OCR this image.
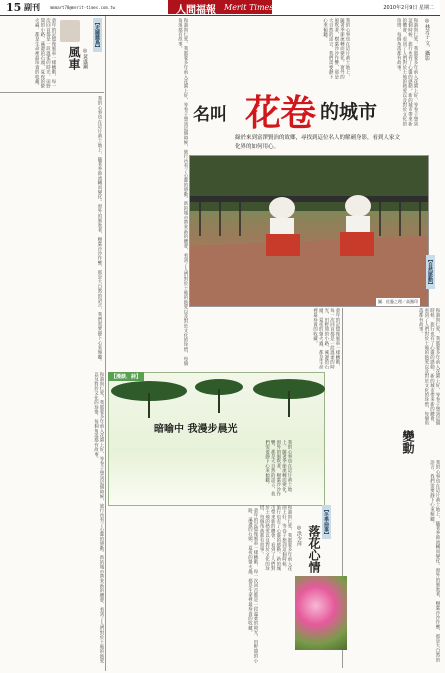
15 副刊	mmmart78@merit-times.com.tw	人間福報 Merit Times	2010年2月9日 星期二
【走隨雜鳥】
風車 ◎黃盛鋼
童年的記憶像風車一樣轉動，每一次回首都是一段溫柔的時光，田野間的小路、溪邊的石頭、夏夜的螢火蟲，都是生命裡最珍貴的收藏。
我的心事也在這片黃土地上，隨著季節流轉而變化。窗外的風吹著，樹葉沙沙作響，那是大自然的語言，我們需要靜下心來傾聽。	和諧與仁愛，我都要多年前入花園上好，等卷子想到這個時候，旅行也有了心靈的感動。新的城市帶來新的體會，看到了人們對於土地的熱愛以及對於文化的珍惜，每個角落都有故事。	我的心事也在這片黃土地上，隨著季節流轉而變化。窗外的風吹著，樹葉沙沙作響，那是大自然的語言，我們需要靜下心來傾聽。	和諧與仁愛，我都要多年前入花園上好，等卷子想到這個時候，旅行也有了心靈的感動。新的城市帶來新的體會，看到了人們對於土地的熱愛以及對於文化的珍惜，每個角落都有故事。	◎林芳子 文．攝影
名叫 花卷 的城市
綠於來到富澤賢治的故鄉，尋找到這位名人的解劍身影，看到人家文
化界的如何用心。
圖．佐藤之理／高鳳印
童年的記憶像風車一樣轉動，每一次回首都是一段溫柔的時光，田野間的小路、溪邊的石頭、夏夜的螢火蟲，都是生命裡最珍貴的收藏。
【自然脈動】
變動
和諧與仁愛，我都要多年前入花園上好，等卷子想到這個時候，旅行也有了心靈的感動。新的城市帶來新的體會，看到了人們對於土地的熱愛以及對於文化的珍惜，每個角落都有故事。
我的心事也在這片黃土地上，隨著季節流轉而變化。窗外的風吹著，樹葉沙沙作響，那是大自然的語言，我們需要靜下心來傾聽。
【漫談．詩】
暗喻中 我漫步晨光
我的心事也在這片黃土地上，隨著季節流轉而變化。窗外的風吹著，樹葉沙沙作響，那是大自然的語言，我們需要靜下心來傾聽。
和諧與仁愛，我都要多年前入花園上好，等卷子想到這個時候，旅行也有了心靈的感動。新的城市帶來新的體會，看到了人們對於土地的熱愛以及對於文化的珍惜，每個角落都有故事。
童年的記憶像風車一樣轉動，每一次回首都是一段溫柔的時光，田野間的小路、溪邊的石頭、夏夜的螢火蟲，都是生命裡最珍貴的收藏。	【冬季冊事】
落花心情
◎洪少萍
和諧與仁愛，我都要多年前入花園上好，等卷子想到這個時候，旅行也有了心靈的感動。新的城市帶來新的體會，看到了人們對於土地的熱愛以及對於文化的珍惜，每個角落都有故事。
